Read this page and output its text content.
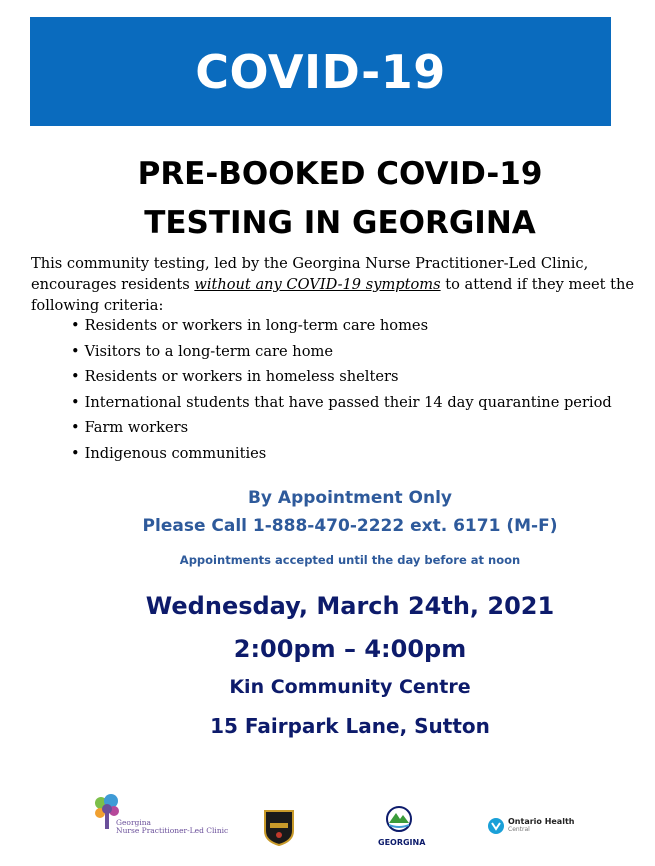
COVID-19
PRE-BOOKED COVID-19
TESTING IN GEORGINA
This community testing, led by the Georgina Nurse Practitioner-Led Clinic, encourages residents without any COVID-19 symptoms to attend if they meet the following criteria:
• Residents or workers in long-term care homes
• Visitors to a long-term care home
• Residents or workers in homeless shelters
• International students that have passed their 14 day quarantine period
• Farm workers
• Indigenous communities
By Appointment Only
Please Call 1-888-470-2222 ext. 6171 (M-F)
Appointments accepted until the day before at noon
Wednesday, March 24th, 2021
2:00pm – 4:00pm
Kin Community Centre
15 Fairpark Lane, Sutton
Georgina
Nurse Practitioner-Led Clinic
GEORGINA
Ontario Health
Central
